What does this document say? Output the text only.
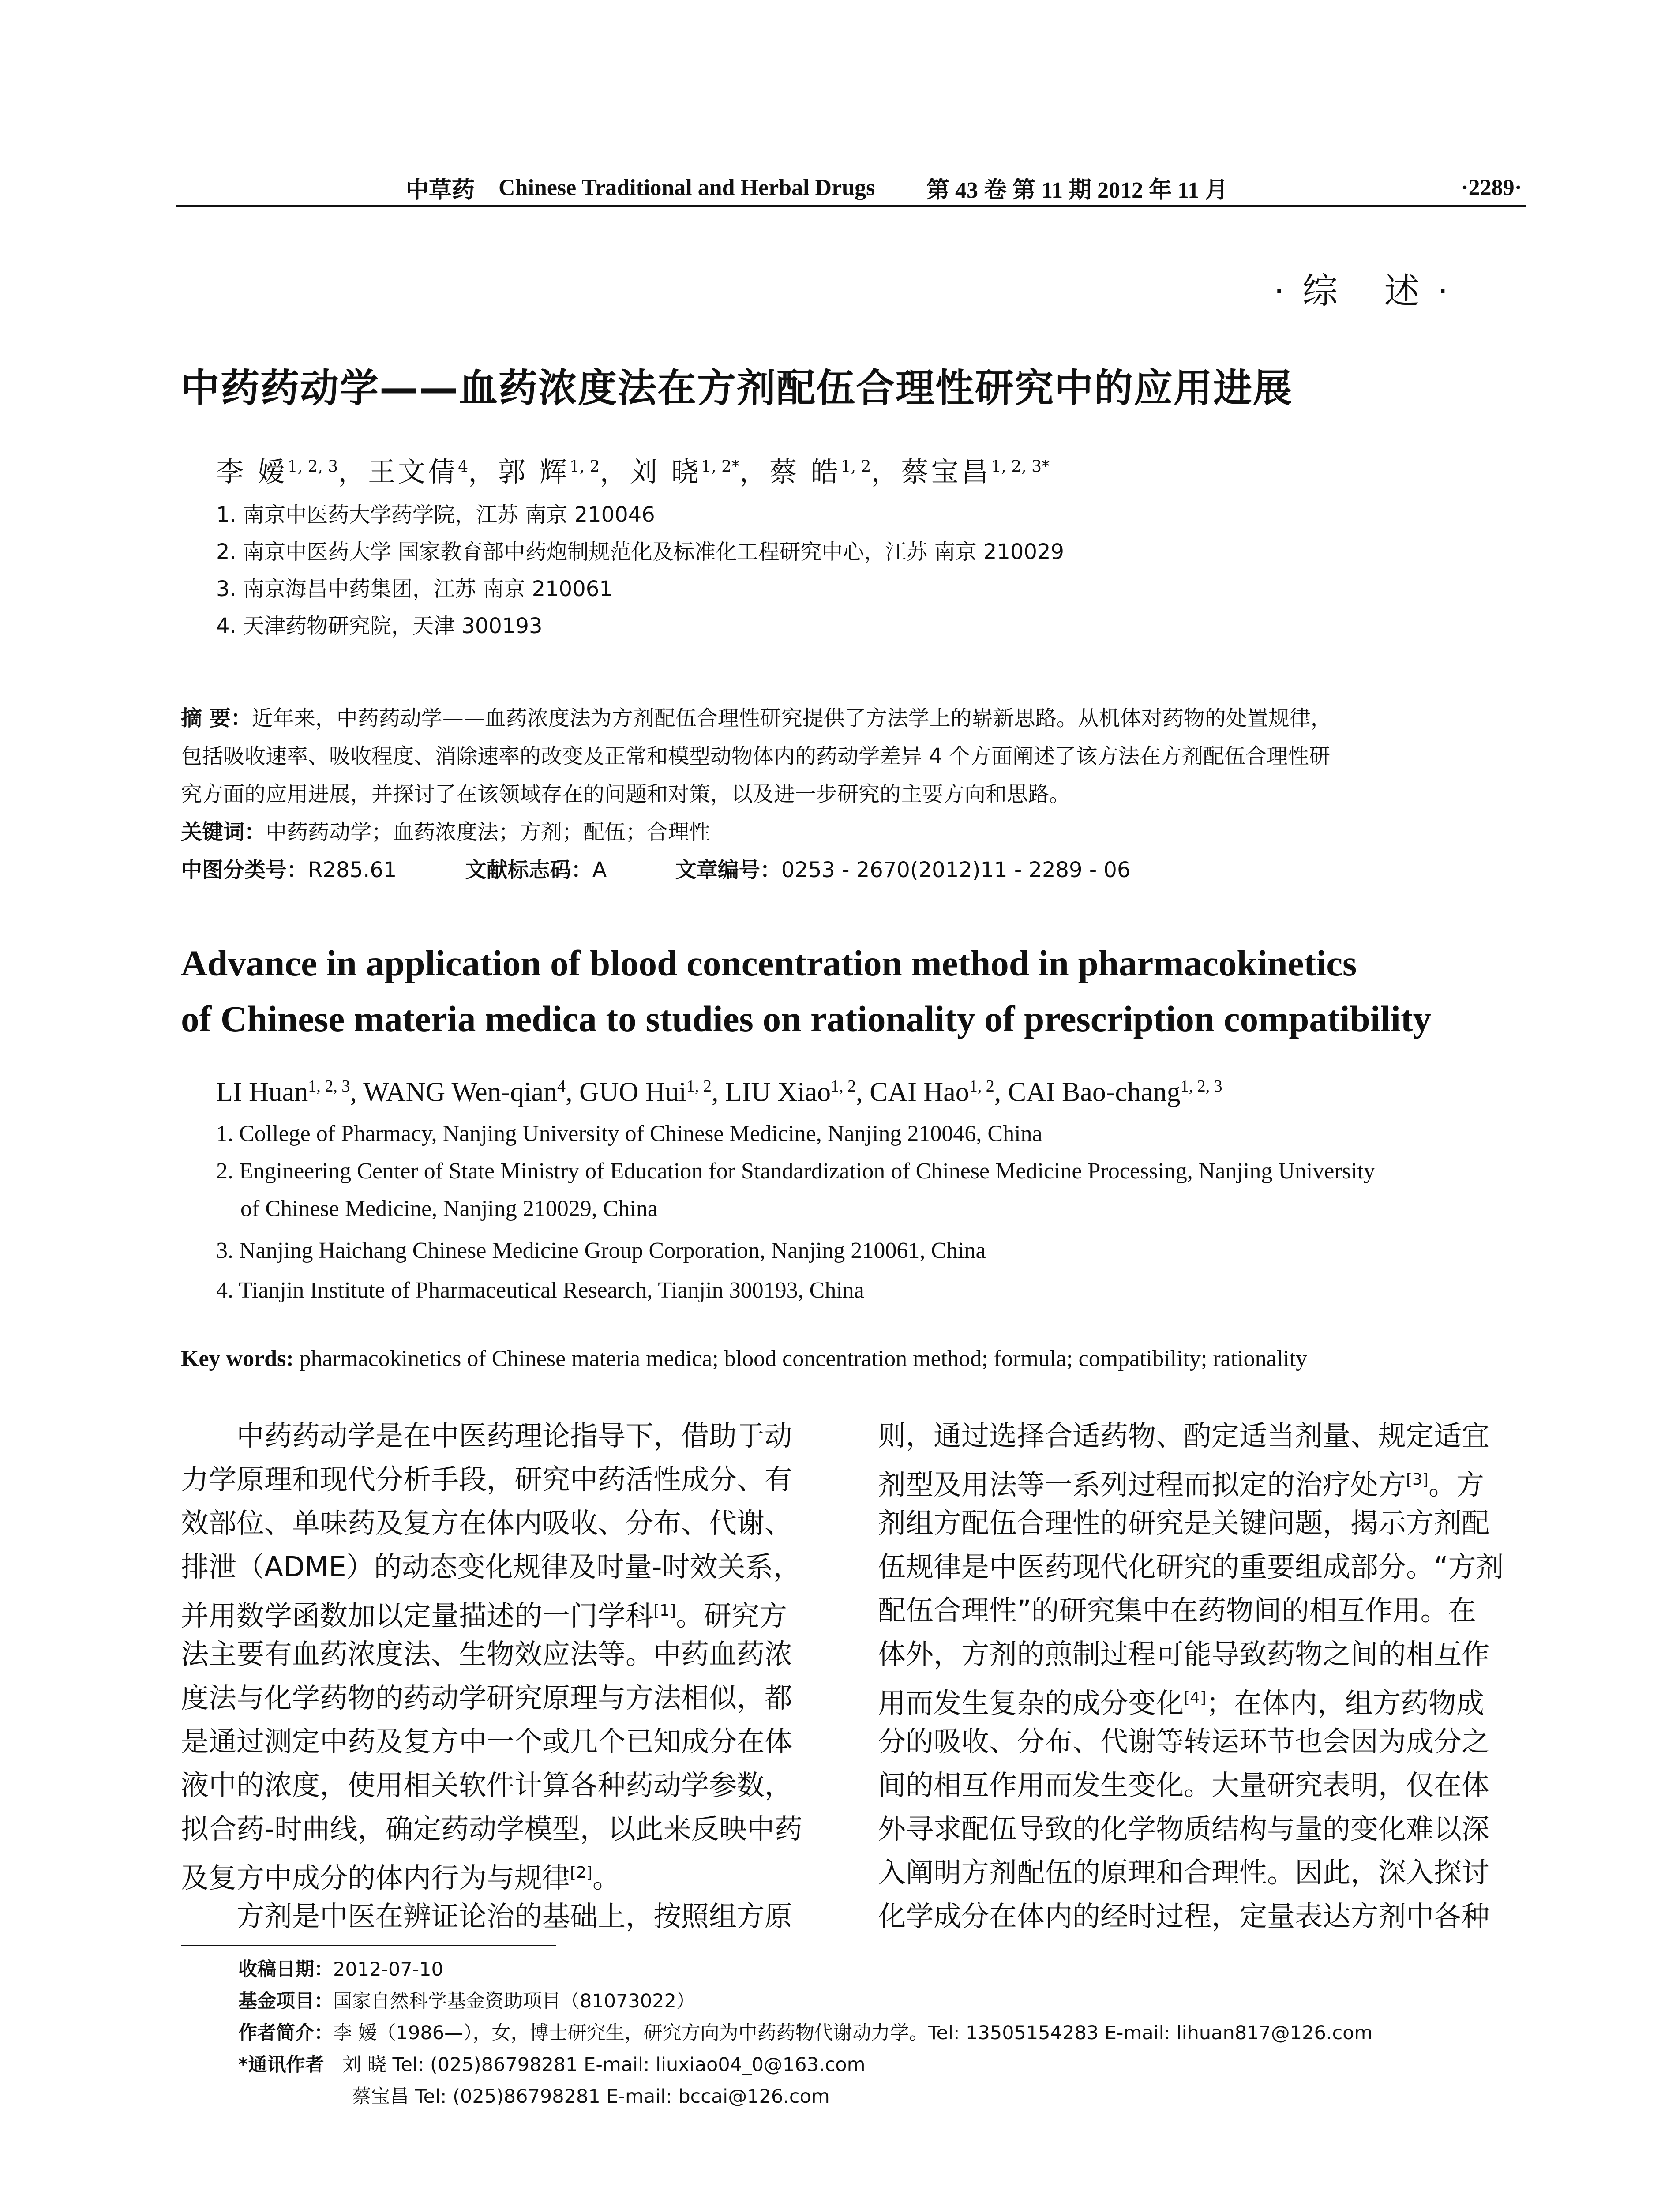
中草药 Chinese Traditional and Herbal Drugs 第 43 卷 第 11 期 2012 年 11 月	·2289·
·综 述·
中药药动学——血药浓度法在方剂配伍合理性研究中的应用进展
李 嫒$^{1, 2, 3}$，王文倩$^4$，郭 辉$^{1, 2}$，刘 晓$^{1, 2*}$，蔡 皓$^{1, 2}$，蔡宝昌$^{1, 2, 3*}$
1. 南京中医药大学药学院，江苏 南京 210046
2. 南京中医药大学 国家教育部中药炮制规范化及标准化工程研究中心，江苏 南京 210029
3. 南京海昌中药集团，江苏 南京 210061
4. 天津药物研究院，天津 300193
摘 要：近年来，中药药动学——血药浓度法为方剂配伍合理性研究提供了方法学上的崭新思路。从机体对药物的处置规律，
包括吸收速率、吸收程度、消除速率的改变及正常和模型动物体内的药动学差异 4 个方面阐述了该方法在方剂配伍合理性研
究方面的应用进展，并探讨了在该领域存在的问题和对策，以及进一步研究的主要方向和思路。
关键词：中药药动学；血药浓度法；方剂；配伍；合理性
中图分类号：R285.61	文献标志码：A	文章编号：0253 - 2670(2012)11 - 2289 - 06
Advance in application of blood concentration method in pharmacokinetics
of Chinese materia medica to studies on rationality of prescription compatibility
LI Huan$^{1, 2, 3}$, WANG Wen-qian$^4$, GUO Hui$^{1, 2}$, LIU Xiao$^{1, 2}$, CAI Hao$^{1, 2}$, CAI Bao-chang$^{1, 2, 3}$
1. College of Pharmacy, Nanjing University of Chinese Medicine, Nanjing 210046, China
2. Engineering Center of State Ministry of Education for Standardization of Chinese Medicine Processing, Nanjing University
of Chinese Medicine, Nanjing 210029, China
3. Nanjing Haichang Chinese Medicine Group Corporation, Nanjing 210061, China
4. Tianjin Institute of Pharmaceutical Research, Tianjin 300193, China
Key words: pharmacokinetics of Chinese materia medica; blood concentration method; formula; compatibility; rationality
　　中药药动学是在中医药理论指导下，借助于动
力学原理和现代分析手段，研究中药活性成分、有
效部位、单味药及复方在体内吸收、分布、代谢、
排泄（ADME）的动态变化规律及时量-时效关系，
并用数学函数加以定量描述的一门学科[1]。研究方
法主要有血药浓度法、生物效应法等。中药血药浓
度法与化学药物的药动学研究原理与方法相似，都
是通过测定中药及复方中一个或几个已知成分在体
液中的浓度，使用相关软件计算各种药动学参数，
拟合药-时曲线，确定药动学模型，以此来反映中药
及复方中成分的体内行为与规律[2]。
　　方剂是中医在辨证论治的基础上，按照组方原
则，通过选择合适药物、酌定适当剂量、规定适宜
剂型及用法等一系列过程而拟定的治疗处方[3]。方
剂组方配伍合理性的研究是关键问题，揭示方剂配
伍规律是中医药现代化研究的重要组成部分。“方剂
配伍合理性”的研究集中在药物间的相互作用。在
体外，方剂的煎制过程可能导致药物之间的相互作
用而发生复杂的成分变化[4]；在体内，组方药物成
分的吸收、分布、代谢等转运环节也会因为成分之
间的相互作用而发生变化。大量研究表明，仅在体
外寻求配伍导致的化学物质结构与量的变化难以深
入阐明方剂配伍的原理和合理性。因此，深入探讨
化学成分在体内的经时过程，定量表达方剂中各种
收稿日期：2012-07-10
基金项目：国家自然科学基金资助项目（81073022）
作者简介：李 嫒（1986—），女，博士研究生，研究方向为中药药物代谢动力学。Tel: 13505154283 E-mail: lihuan817@126.com
*通讯作者 刘 晓 Tel: (025)86798281 E-mail: liuxiao04_0@163.com
蔡宝昌 Tel: (025)86798281 E-mail: bccai@126.com
